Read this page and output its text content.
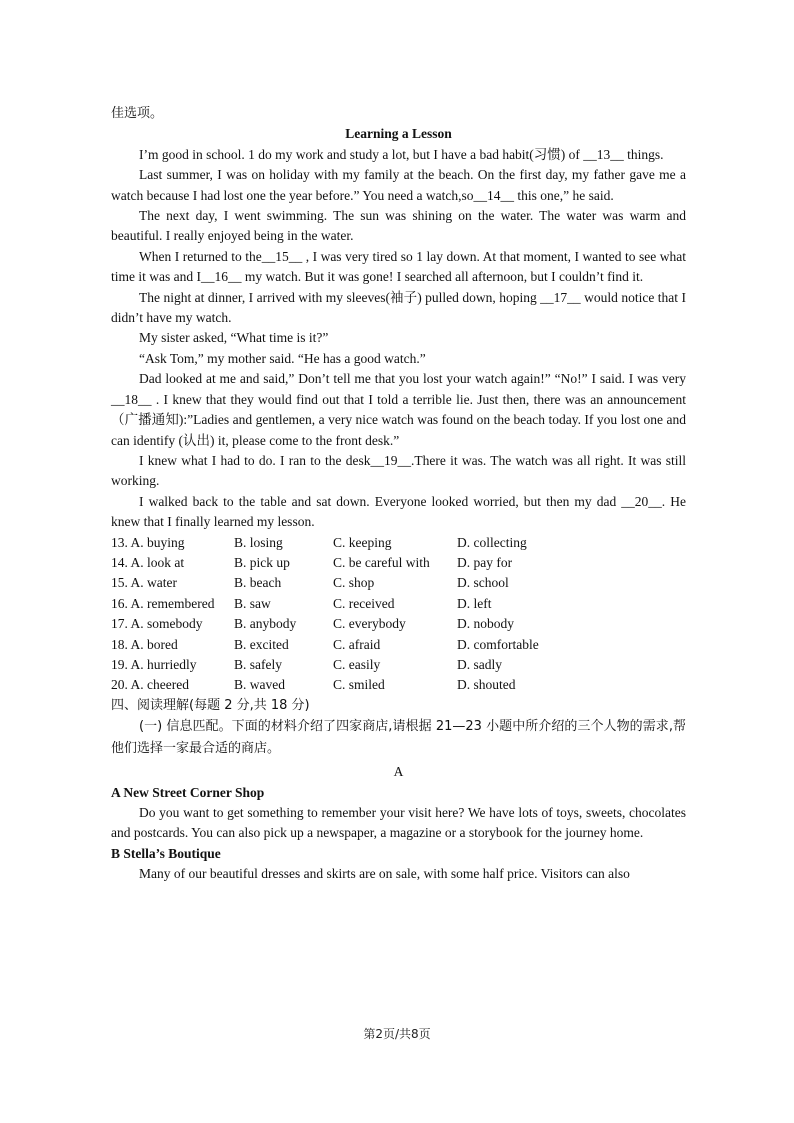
佳选项。

Learning a Lesson

I’m good in school. 1 do my work and study a lot, but I have a bad habit(习惯) of __13__ things.

Last summer, I was on holiday with my family at the beach. On the first day, my father gave me a watch because I had lost one the year before.” You need a watch,so__14__ this one,” he said.

The next day, I went swimming. The sun was shining on the water. The water was warm and beautiful. I really enjoyed being in the water.

When I returned to the__15__ , I was very tired so 1 lay down. At that moment, I wanted to see what time it was and I__16__ my watch. But it was gone! I searched all afternoon, but I couldn’t find it.

The night at dinner, I arrived with my sleeves(袖子) pulled down, hoping __17__ would notice that I didn’t have my watch.

My sister asked, “What time is it?”

“Ask Tom,” my mother said. “He has a good watch.”

Dad looked at me and said,” Don’t tell me that you lost your watch again!” “No!” I said. I was very __18__ . I knew that they would find out that I told a terrible lie. Just then, there was an announcement（广播通知):”Ladies and gentlemen, a very nice watch was found on the beach today. If you lost one and can identify (认出) it, please come to the front desk.”

I knew what I had to do. I ran to the desk__19__.There it was. The watch was all right. It was still working.

I walked back to the table and sat down. Everyone looked worried, but then my dad __20__. He knew that I finally learned my lesson.

13. A. buying	B. losing	C. keeping	D. collecting
14. A. look at	B. pick up	C. be careful with	D. pay for
15. A. water	B. beach	C. shop	D. school
16. A. remembered	B. saw	C. received	D. left
17. A. somebody	B. anybody	C. everybody	D. nobody
18. A. bored	B. excited	C. afraid	D. comfortable
19. A. hurriedly	B. safely	C. easily	D. sadly
20. A. cheered	B. waved	C. smiled	D. shouted

四、阅读理解(每题 2 分,共 18 分)

(一) 信息匹配。下面的材料介绍了四家商店,请根据 21—23 小题中所介绍的三个人物的需求,帮他们选择一家最合适的商店。

A

A New Street Corner Shop

Do you want to get something to remember your visit here? We have lots of toys, sweets, chocolates and postcards. You can also pick up a newspaper, a magazine or a storybook for the journey home.

B Stella’s Boutique

Many of our beautiful dresses and skirts are on sale, with some half price. Visitors can also

第2页/共8页
